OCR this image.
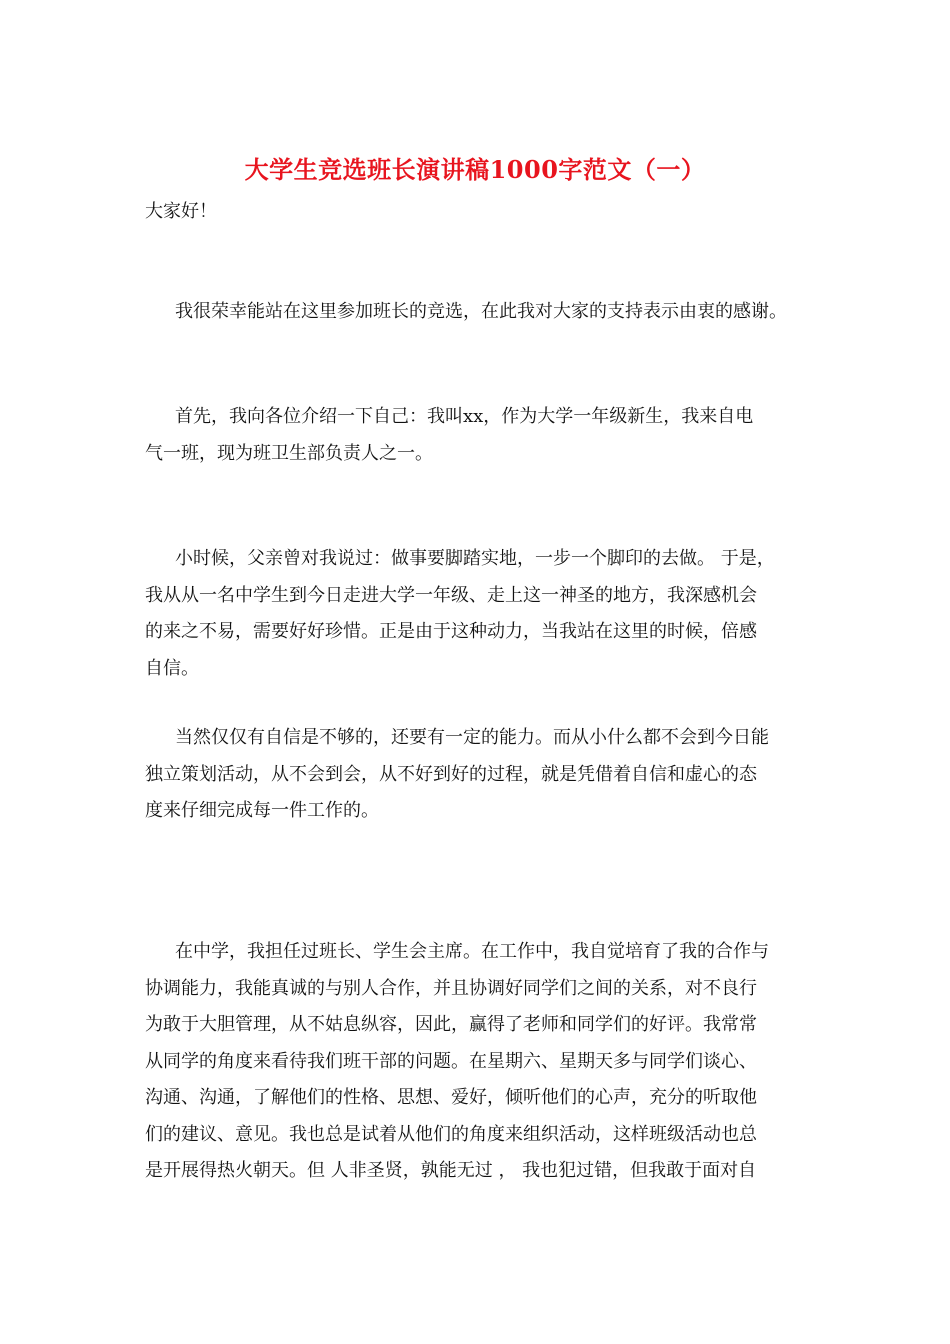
大学生竞选班长演讲稿1000字范文（一）

大家好！

我很荣幸能站在这里参加班长的竞选，在此我对大家的支持表示由衷的感谢。
首先，我向各位介绍一下自己：我叫xx，作为大学一年级新生，我来自电
气一班，现为班卫生部负责人之一。
小时候，父亲曾对我说过：做事要脚踏实地，一步一个脚印的去做。 于是，
我从从一名中学生到今日走进大学一年级、走上这一神圣的地方，我深感机会
的来之不易，需要好好珍惜。正是由于这种动力，当我站在这里的时候，倍感
自信。
当然仅仅有自信是不够的，还要有一定的能力。而从小什么都不会到今日能
独立策划活动，从不会到会，从不好到好的过程，就是凭借着自信和虚心的态
度来仔细完成每一件工作的。
在中学，我担任过班长、学生会主席。在工作中，我自觉培育了我的合作与
协调能力，我能真诚的与别人合作，并且协调好同学们之间的关系，对不良行
为敢于大胆管理，从不姑息纵容，因此，赢得了老师和同学们的好评。我常常
从同学的角度来看待我们班干部的问题。在星期六、星期天多与同学们谈心、
沟通、沟通，了解他们的性格、思想、爱好，倾听他们的心声，充分的听取他
们的建议、意见。我也总是试着从他们的角度来组织活动，这样班级活动也总
是开展得热火朝天。但 人非圣贤，孰能无过 ， 我也犯过错，但我敢于面对自
